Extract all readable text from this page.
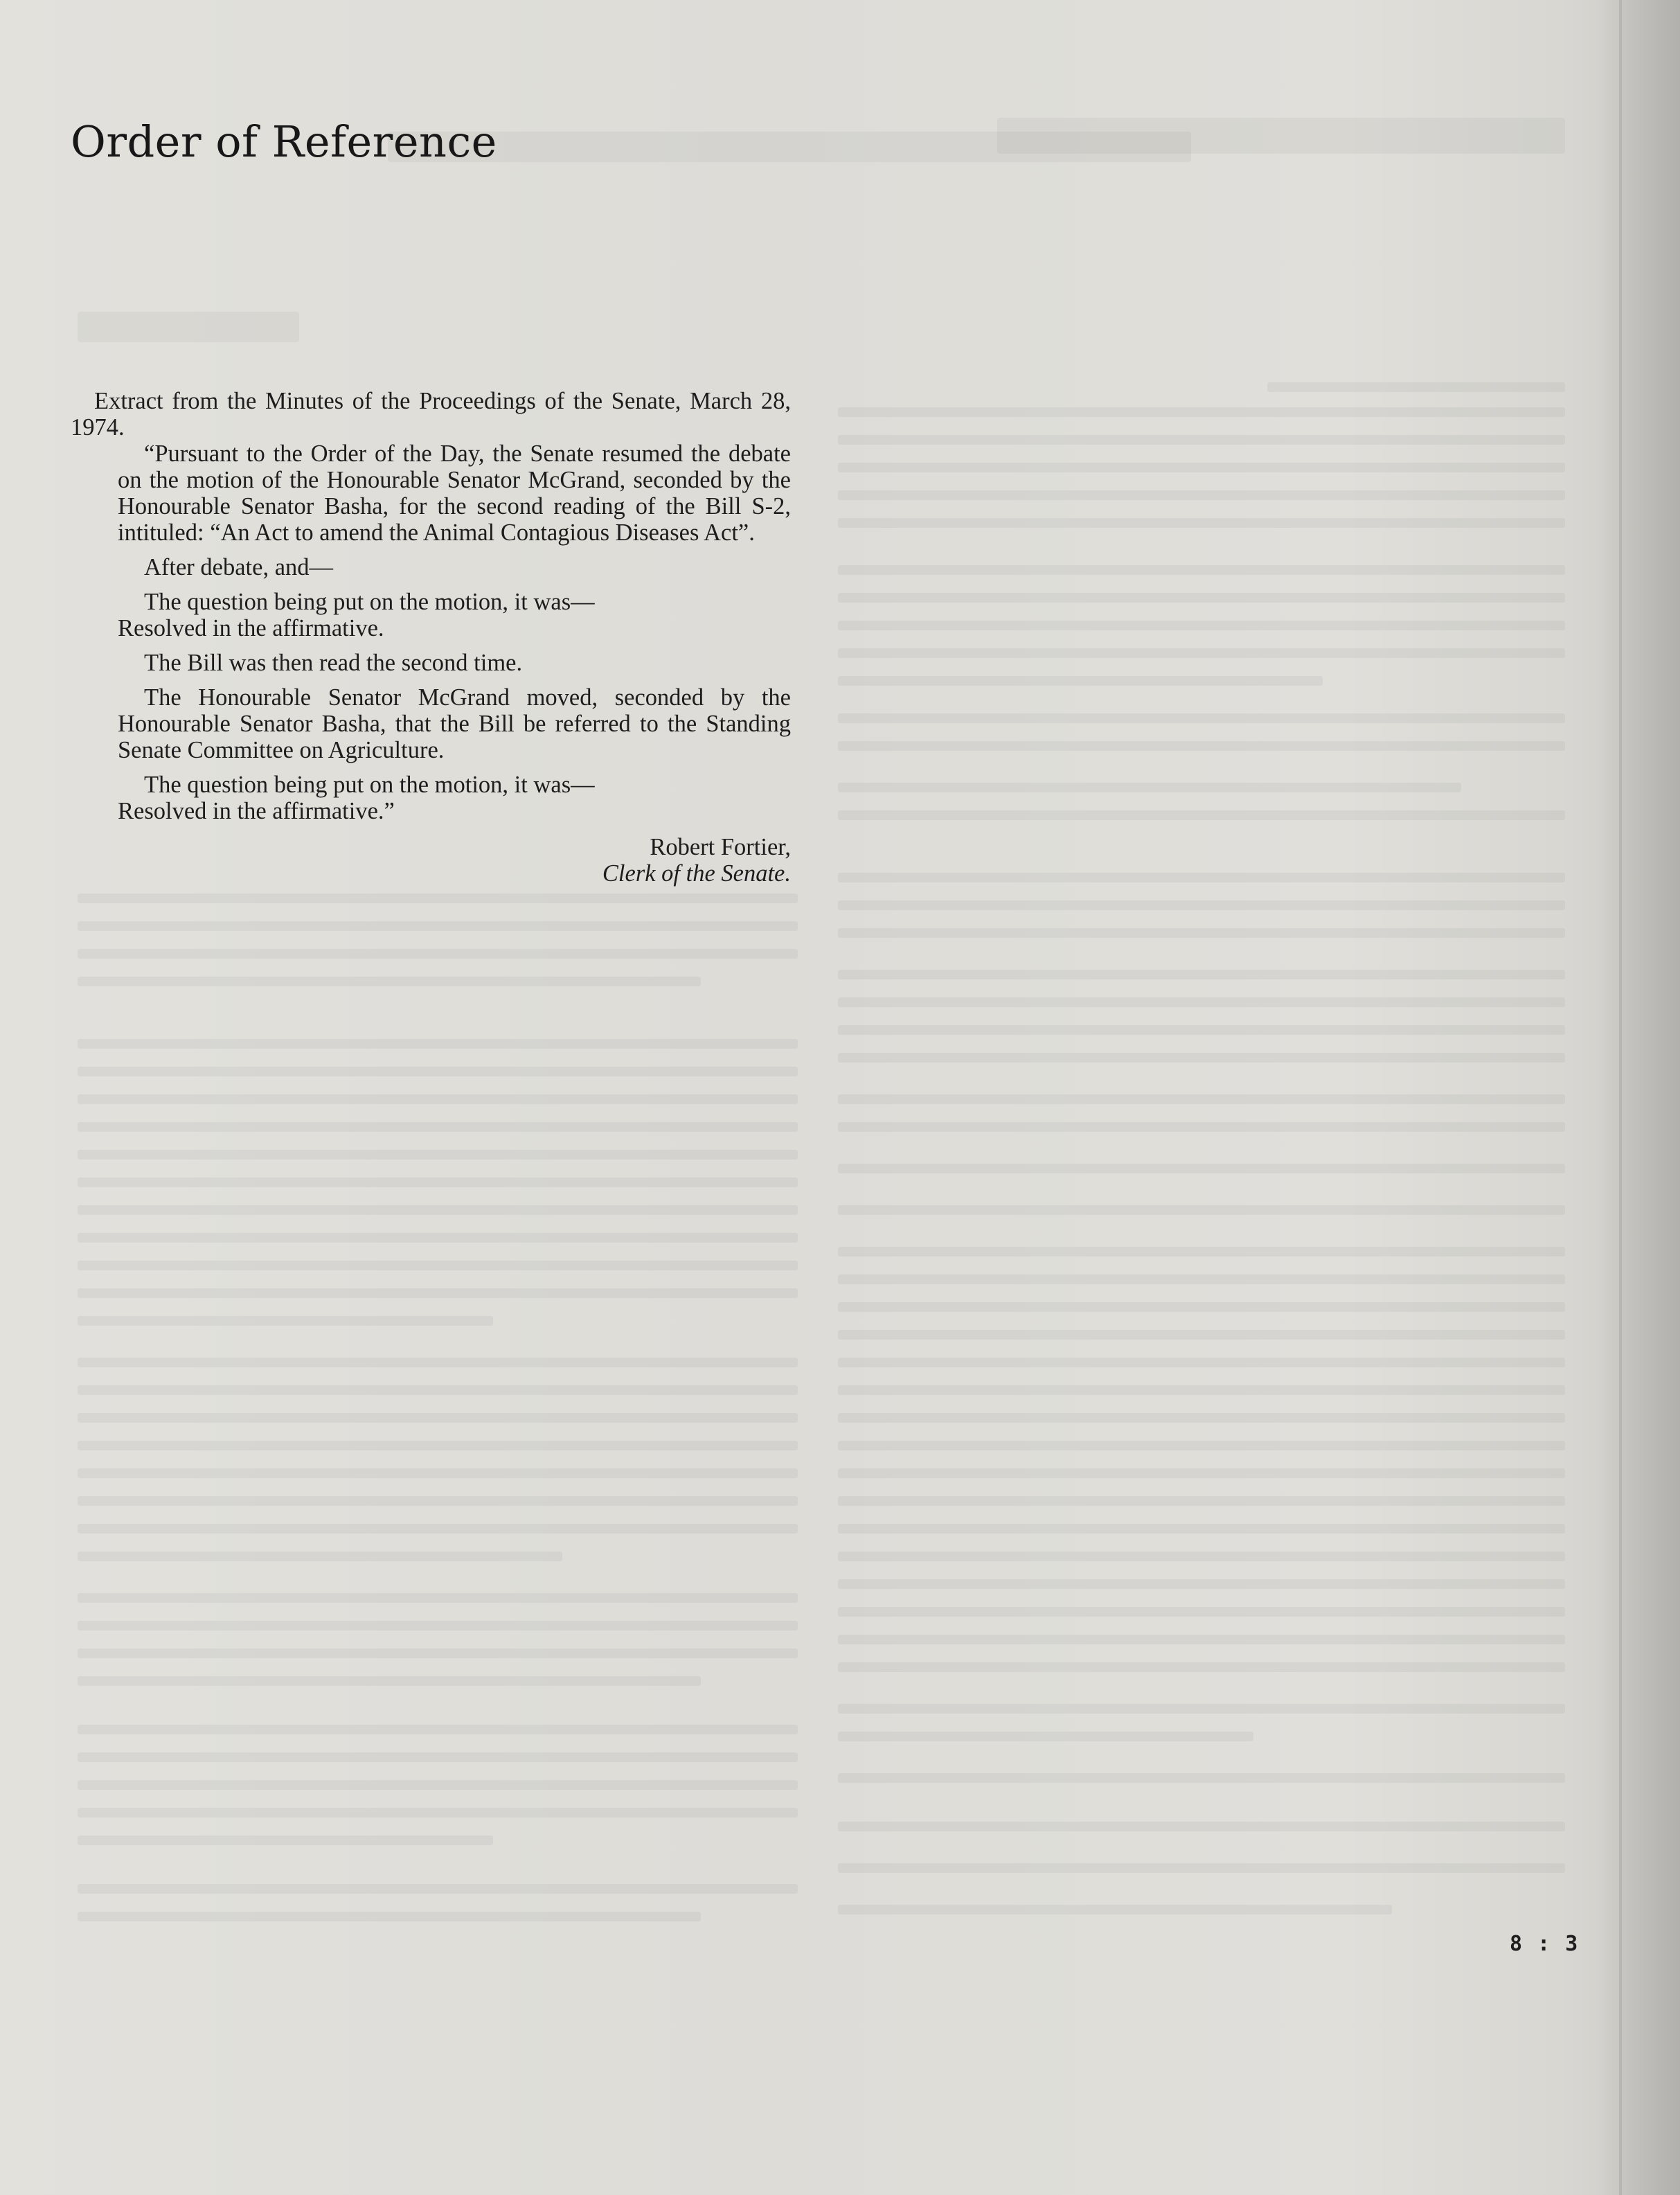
Order of Reference

Extract from the Minutes of the Proceedings of the Senate, March 28, 1974.

“Pursuant to the Order of the Day, the Senate resumed the debate on the motion of the Honourable Senator McGrand, seconded by the Honourable Senator Basha, for the second reading of the Bill S-2, intituled: “An Act to amend the Animal Contagious Diseases Act”.

After debate, and—

The question being put on the motion, it was—

Resolved in the affirmative.

The Bill was then read the second time.

The Honourable Senator McGrand moved, seconded by the Honourable Senator Basha, that the Bill be referred to the Standing Senate Committee on Agriculture.

The question being put on the motion, it was—

Resolved in the affirmative.”

Robert Fortier,

Clerk of the Senate.

8 : 3
